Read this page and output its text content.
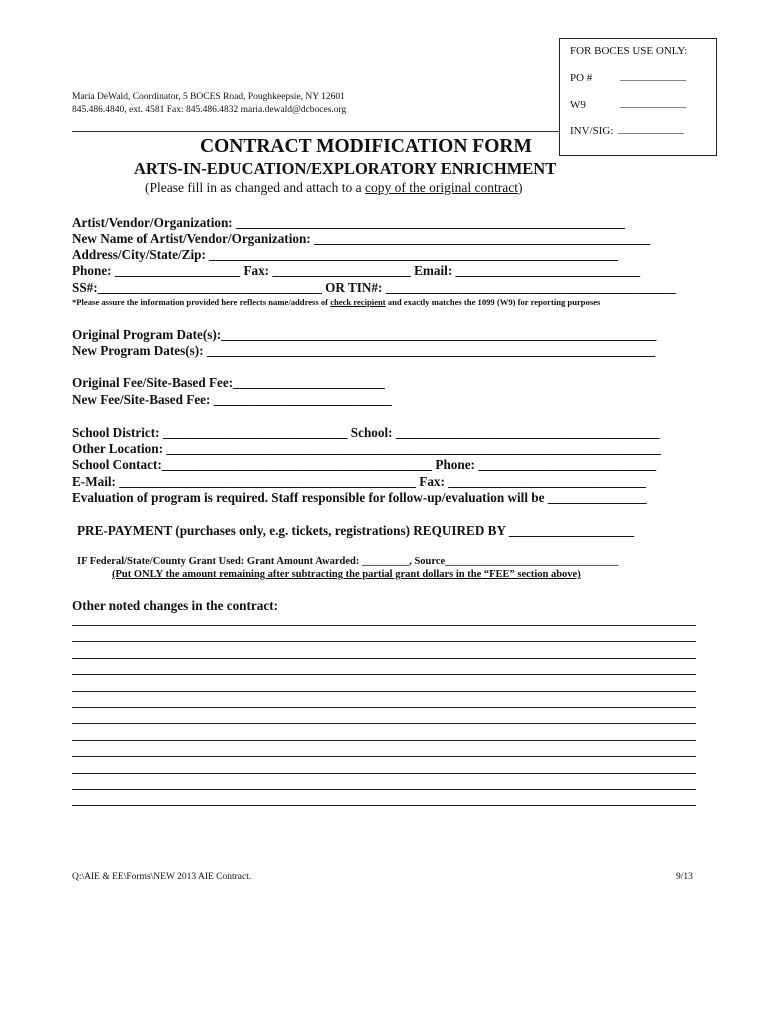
FOR BOCES USE ONLY:
PO #	____________
W9	____________
INV/SIG: ____________
Maria DeWald, Coordinator, 5 BOCES Road, Poughkeepsie, NY 12601
845.486.4840, ext. 4581 Fax: 845.486.4832 maria.dewald@dcboces.org
CONTRACT MODIFICATION FORM
ARTS-IN-EDUCATION/EXPLORATORY ENRICHMENT
(Please fill in as changed and attach to a copy of the original contract)
Artist/Vendor/Organization: ___________________________________________________________
New Name of Artist/Vendor/Organization: ___________________________________________________
Address/City/State/Zip: ______________________________________________________________
Phone: ___________________ Fax: _____________________ Email: ____________________________
SS#:__________________________________ OR TIN#: ____________________________________________
*Please assure the information provided here reflects name/address of check recipient and exactly matches the 1099 (W9) for reporting purposes
Original Program Date(s):__________________________________________________________________
New Program Dates(s): ____________________________________________________________________
Original Fee/Site-Based Fee:_______________________
New Fee/Site-Based Fee: ___________________________
School District: ____________________________ School: ________________________________________
Other Location: ___________________________________________________________________________
School Contact:_________________________________________ Phone: ___________________________
E-Mail: _____________________________________________ Fax: ______________________________
Evaluation of program is required. Staff responsible for follow-up/evaluation will be _______________
PRE-PAYMENT (purchases only, e.g. tickets, registrations) REQUIRED BY ___________________
IF Federal/State/County Grant Used: Grant Amount Awarded: _________, Source_________________________________
(Put ONLY the amount remaining after subtracting the partial grant dollars in the “FEE” section above)
Other noted changes in the contract:
Q:\AIE & EE\Forms\NEW 2013 AIE Contract.	9/13
